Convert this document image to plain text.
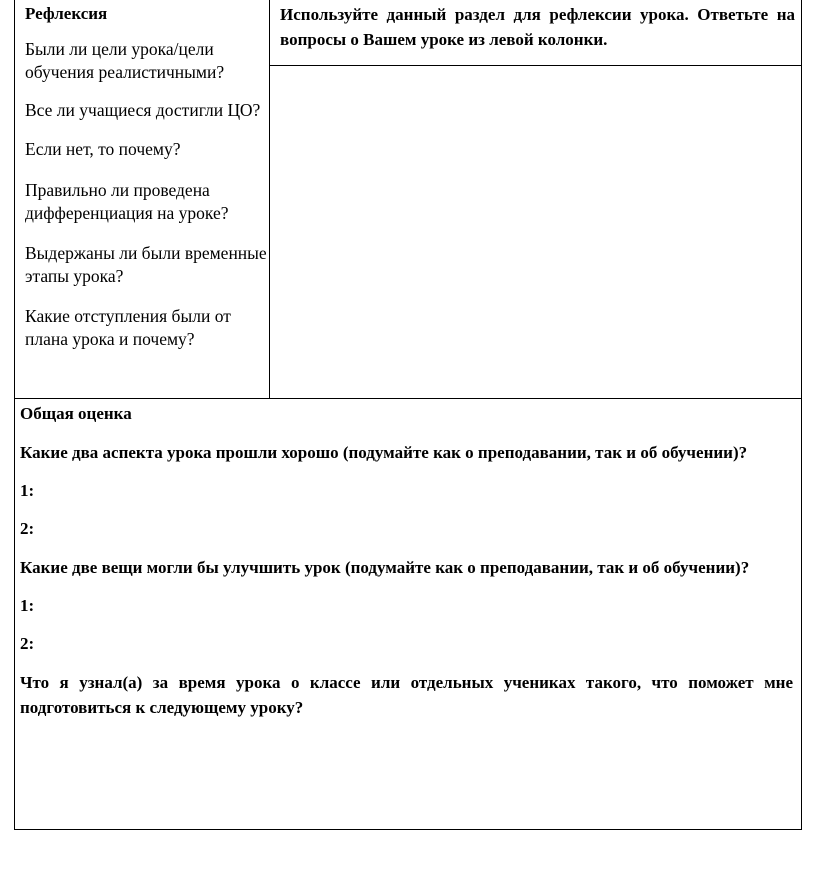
Рефлексия

Были ли цели урока/цели обучения реалистичными?

Все ли учащиеся достигли ЦО?

Если нет, то почему?

Правильно ли проведена дифференциация на уроке?

Выдержаны ли были временные этапы урока?

Какие отступления были от плана урока и почему?

Используйте данный раздел для рефлексии урока. Ответьте на вопросы о Вашем уроке из левой колонки.

Общая оценка

Какие два аспекта урока прошли хорошо (подумайте как о преподавании, так и об обучении)?

1:

2:

Какие две вещи могли бы улучшить урок (подумайте как о преподавании, так и об обучении)?

1:

2:

Что я узнал(а) за время урока о классе или отдельных учениках такого, что поможет мне подготовиться к следующему уроку?
